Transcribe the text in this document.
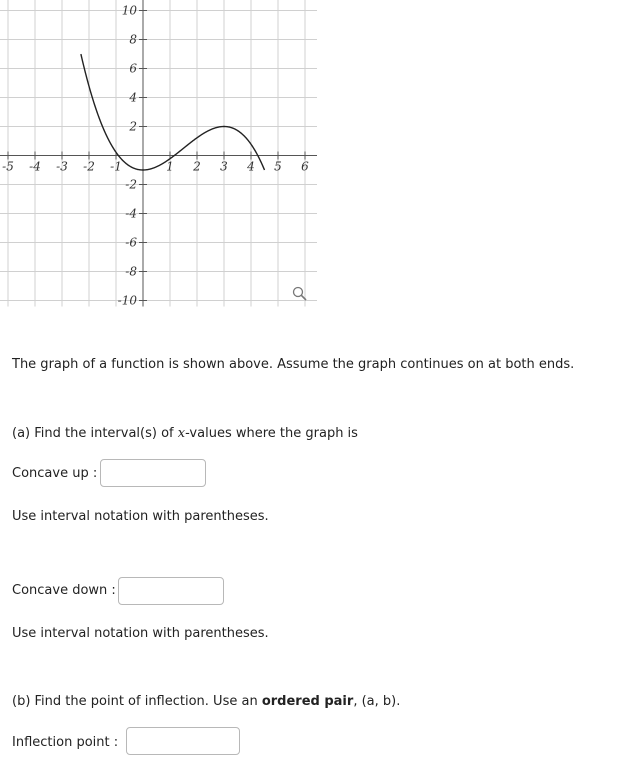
-5 -4 -3 -2 -1	1 2 3 4 5 6
10
8
6
4
2
-2
-4
-6
-8
-10
The graph of a function is shown above. Assume the graph continues on at both ends.
(a) Find the interval(s) of x-values where the graph is
Concave up :
Use interval notation with parentheses.
Concave down :
Use interval notation with parentheses.
(b) Find the point of inflection. Use an ordered pair, (a, b).
Inflection point :
